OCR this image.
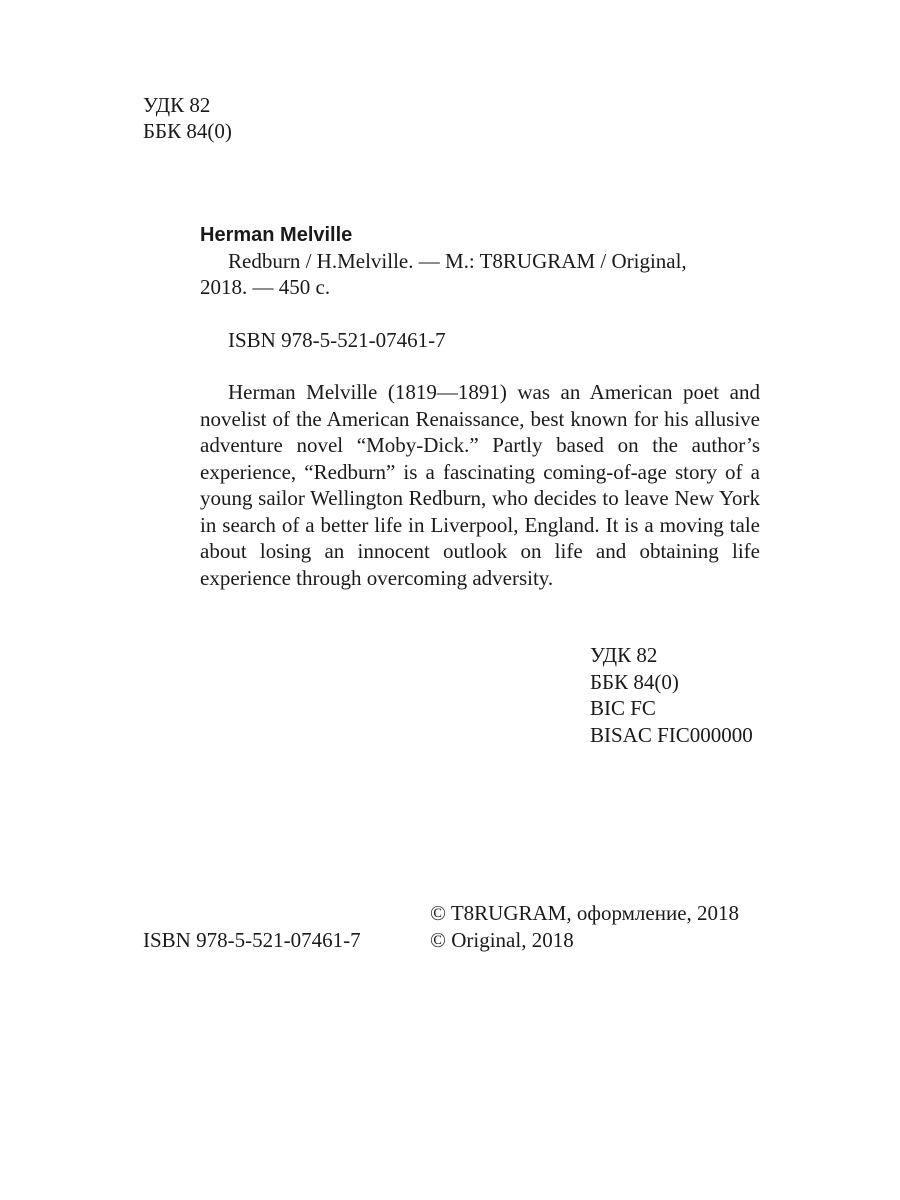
УДК 82
ББК 84(0)
Herman Melville
Redburn / H.Melville. — M.: T8RUGRAM / Original,
2018. — 450 с.
ISBN 978-5-521-07461-7
Herman Melville (1819—1891) was an American poet and novelist of the American Renaissance, best known for his allusive adventure novel “Moby-Dick.” Partly based on the author’s experience, “Redburn” is a fascinating coming-of-age story of a young sailor Wellington Redburn, who decides to leave New York in search of a better life in Liverpool, England. It is a moving tale about losing an innocent outlook on life and obtaining life experience through overcoming adversity.
УДК 82
ББК 84(0)
BIC FC
BISAC FIC000000
ISBN 978-5-521-07461-7
© T8RUGRAM, оформление, 2018
© Original, 2018
